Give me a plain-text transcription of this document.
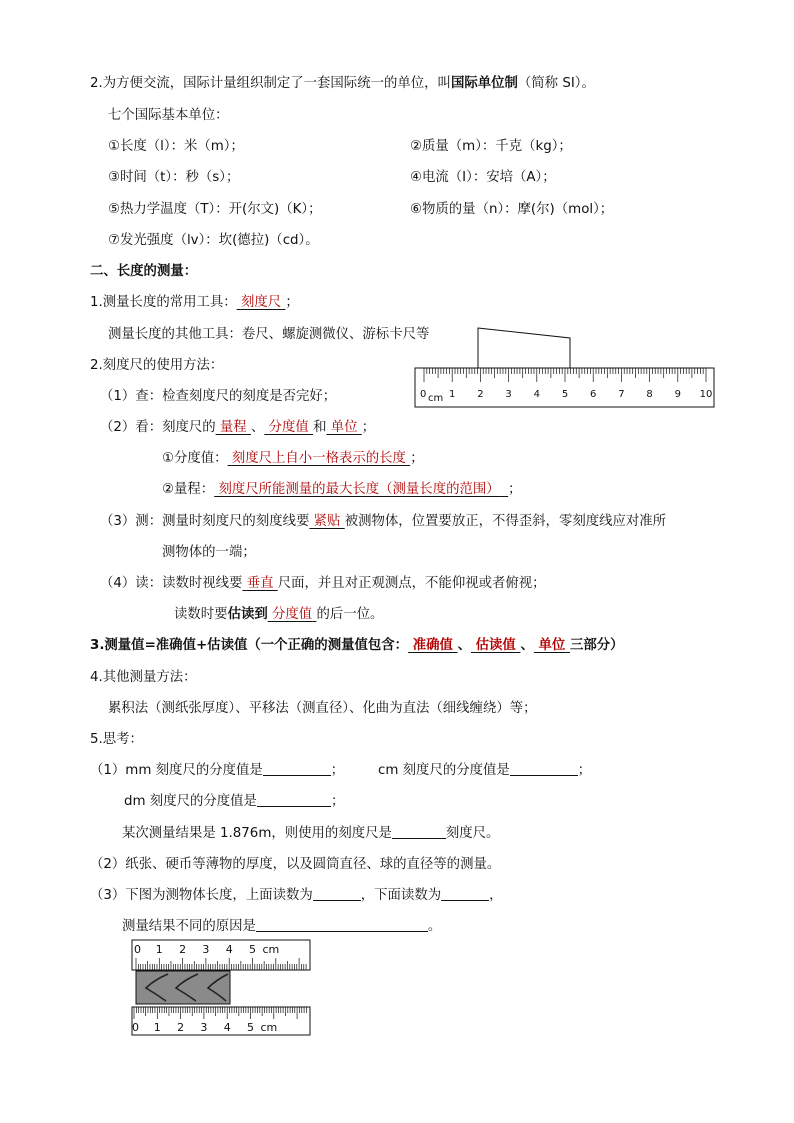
2.为方便交流，国际计量组织制定了一套国际统一的单位，叫国际单位制（简称 SI）。
七个国际基本单位：
①长度（l）：米（m）；	②质量（m）：千克（kg）；
③时间（t）：秒（s）；	④电流（I）：安培（A）；
⑤热力学温度（T）：开(尔文)（K）；	⑥物质的量（n）：摩(尔)（mol）；
⑦发光强度（lv）：坎(德拉)（cd）。
二、长度的测量：
1.测量长度的常用工具： 刻度尺 ；
测量长度的其他工具：卷尺、螺旋测微仪、游标卡尺等
2.刻度尺的使用方法：
（1）查：检查刻度尺的刻度是否完好；
（2）看：刻度尺的 量程 、 分度值 和 单位 ；
①分度值： 刻度尺上自小一格表示的长度 ；
②量程： 刻度尺所能测量的最大长度（测量长度的范围） ；
（3）测：测量时刻度尺的刻度线要 紧贴 被测物体，位置要放正，不得歪斜，零刻度线应对准所
测物体的一端；
（4）读：读数时视线要 垂直 尺面，并且对正观测点，不能仰视或者俯视；
读数时要估读到 分度值 的后一位。
3.测量值=准确值+估读值（一个正确的测量值包含： 准确值 、 估读值 、 单位 三部分）
4.其他测量方法：
累积法（测纸张厚度）、平移法（测直径）、化曲为直法（细线缠绕）等；
5.思考：
（1）mm 刻度尺的分度值是	；	cm 刻度尺的分度值是	；
dm 刻度尺的分度值是	；
某次测量结果是 1.876m，则使用的刻度尺是	刻度尺。
（2）纸张、硬币等薄物的厚度，以及圆筒直径、球的直径等的测量。
（3）下图为测物体长度，上面读数为	，下面读数为	，
测量结果不同的原因是	。
0 1 2 3 4 5 6 7 8 9 10
cm
0 1 2 3 4 5 cm
0 1 2 3 4 5 cm
